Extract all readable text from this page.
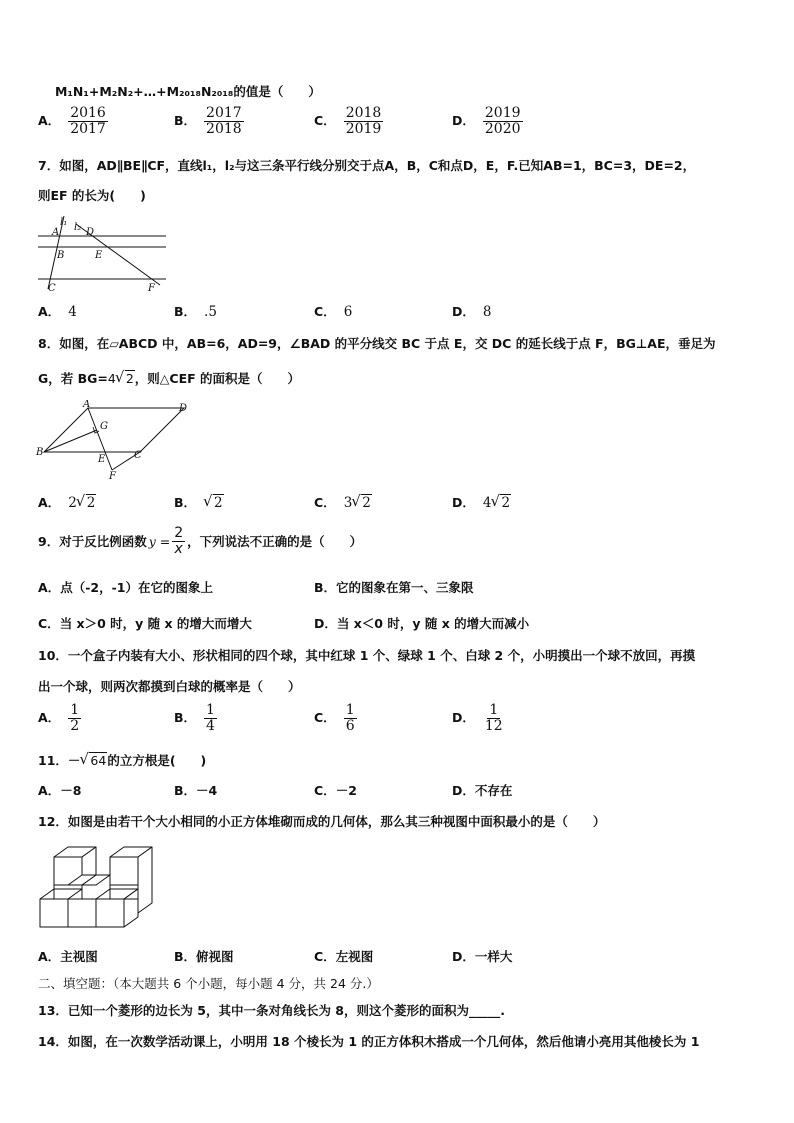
M₁N₁+M₂N₂+…+M₂₀₁₈N₂₀₁₈的值是（　　）
A． $\frac{2016}{2017}$	B． $\frac{2017}{2018}$	C． $\frac{2018}{2019}$	D． $\frac{2019}{2020}$
7．如图，AD∥BE∥CF，直线l₁，l₂与这三条平行线分别交于点A，B，C和点D，E，F.已知AB=1，BC=3，DE=2，
则EF 的长为(　　)
l₁ l₂
A	D
B	E
C	F
A． 4	B． .5	C． 6	D． 8
8．如图，在▱ABCD 中，AB=6，AD=9，∠BAD 的平分线交 BC 于点 E，交 DC 的延长线于点 F，BG⊥AE，垂足为
G，若 BG=4 √ 2，则△CEF 的面积是（　　）
A	D
G
B
E	C
F
A． 2 √ 2	B． √ 2	C． 3 √ 2	D． 4 √ 2
9．对于反比例函数 $y = \frac{2}{x}$ ，下列说法不正确的是（　　）
A．点（-2，-1）在它的图象上	B．它的图象在第一、三象限
C．当 x＞0 时，y 随 x 的增大而增大	D．当 x＜0 时，y 随 x 的增大而减小
10．一个盒子内装有大小、形状相同的四个球，其中红球 1 个、绿球 1 个、白球 2 个，小明摸出一个球不放回，再摸
出一个球，则两次都摸到白球的概率是（　　）
A． $\frac{1}{2}$	B． $\frac{1}{4}$	C． $\frac{1}{6}$	D． $\frac{1}{12}$
11．－ √ 64的立方根是(　　)
A．－8	B．－4	C．－2	D．不存在
12．如图是由若干个大小相同的小正方体堆砌而成的几何体，那么其三种视图中面积最小的是（　　）
A．主视图	B．俯视图	C．左视图	D．一样大
二、填空题：（本大题共 6 个小题，每小题 4 分，共 24 分.）
13．已知一个菱形的边长为 5，其中一条对角线长为 8，则这个菱形的面积为_____.
14．如图，在一次数学活动课上，小明用 18 个棱长为 1 的正方体积木搭成一个几何体，然后他请小亮用其他棱长为 1
